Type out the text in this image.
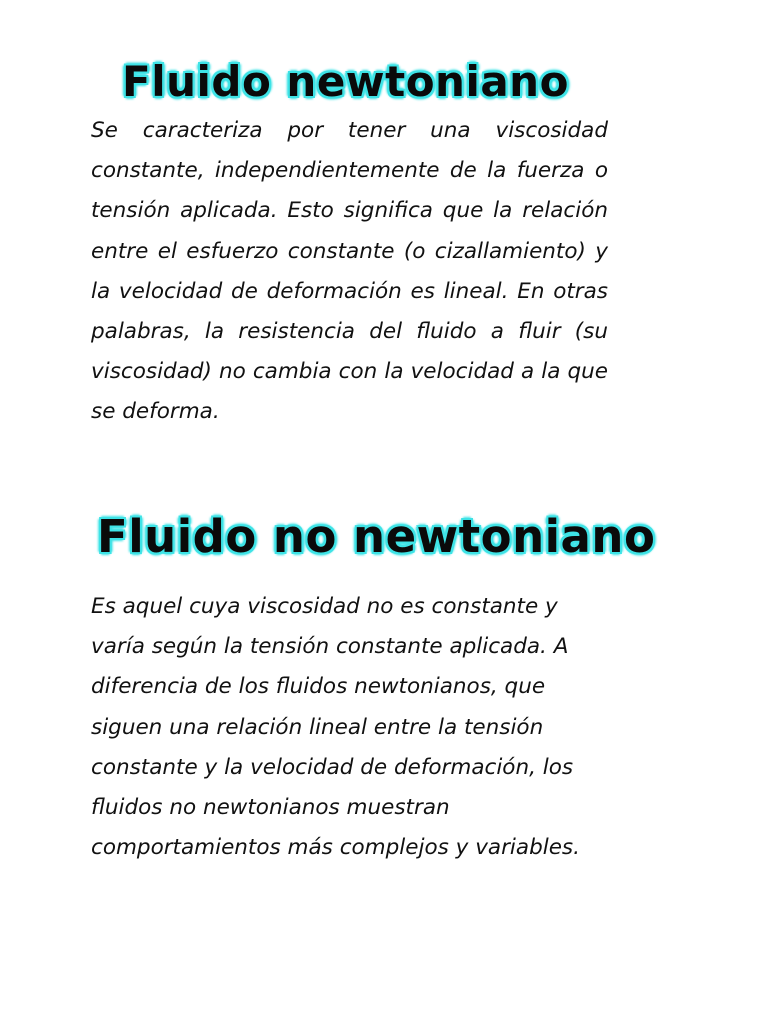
Fluido newtoniano

Se caracteriza por tener una viscosidad constante, independientemente de la fuerza o tensión aplicada. Esto significa que la relación entre el esfuerzo constante (o cizallamiento) y la velocidad de deformación es lineal. En otras palabras, la resistencia del fluido a fluir (su viscosidad) no cambia con la velocidad a la que se deforma.

Fluido no newtoniano

Es aquel cuya viscosidad no es constante y varía según la tensión constante aplicada. A diferencia de los fluidos newtonianos, que siguen una relación lineal entre la tensión constante y la velocidad de deformación, los fluidos no newtonianos muestran comportamientos más complejos y variables.
